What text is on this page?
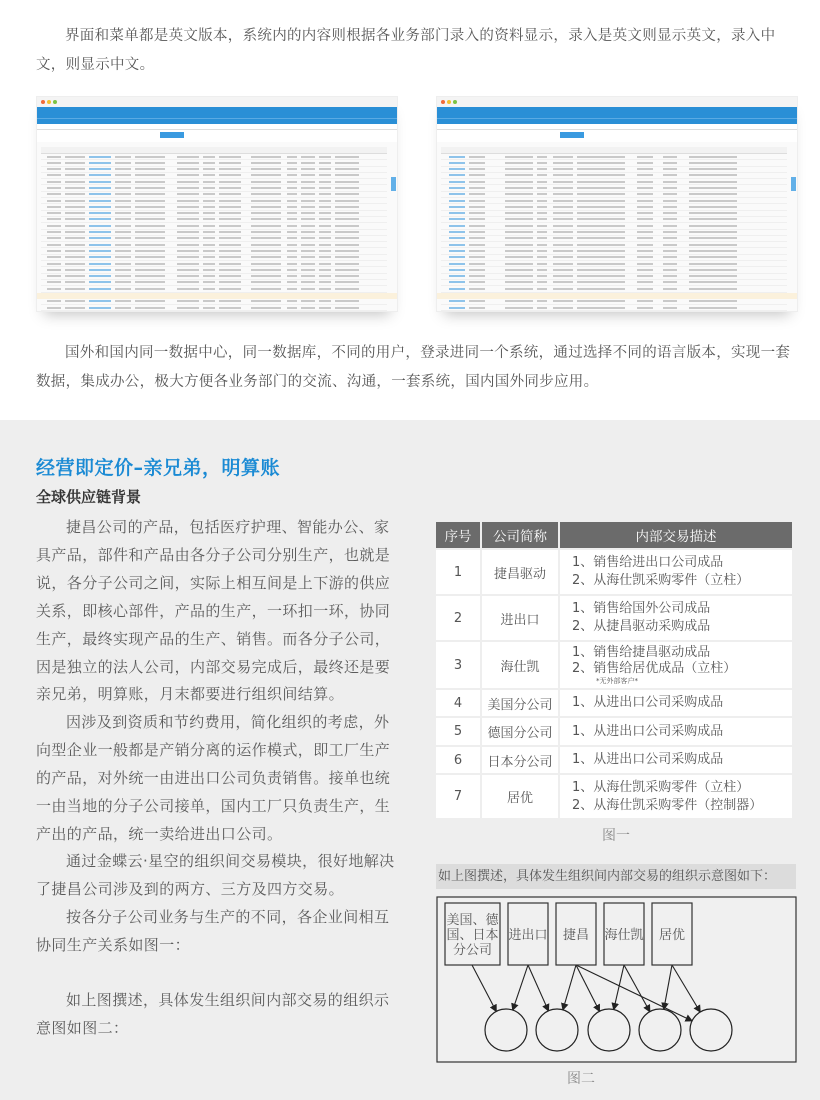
界面和菜单都是英文版本，系统内的内容则根据各业务部门录入的资料显示，录入是英文则显示英文，录入中文，则显示中文。

国外和国内同一数据中心，同一数据库，不同的用户，登录进同一个系统，通过选择不同的语言版本，实现一套数据，集成办公，极大方便各业务部门的交流、沟通，一套系统，国内国外同步应用。

经营即定价–亲兄弟，明算账
全球供应链背景

捷昌公司的产品，包括医疗护理、智能办公、家具产品，部件和产品由各分子公司分别生产，也就是说，各分子公司之间，实际上相互间是上下游的供应关系，即核心部件，产品的生产，一环扣一环，协同生产，最终实现产品的生产、销售。而各分子公司，因是独立的法人公司，内部交易完成后，最终还是要亲兄弟，明算账，月末都要进行组织间结算。

因涉及到资质和节约费用，简化组织的考虑，外向型企业一般都是产销分离的运作模式，即工厂生产的产品，对外统一由进出口公司负责销售。接单也统一由当地的分子公司接单，国内工厂只负责生产，生产出的产品，统一卖给进出口公司。

通过金蝶云·星空的组织间交易模块，很好地解决了捷昌公司涉及到的两方、三方及四方交易。

按各分子公司业务与生产的不同，各企业间相互协同生产关系如图一：

如上图撰述，具体发生组织间内部交易的组织示意图如图二：

序号	公司简称	内部交易描述
1	捷昌驱动	1、销售给进出口公司成品
2、从海仕凯采购零件（立柱）

2	进出口	1、销售给国外公司成品
2、从捷昌驱动采购成品

3	海仕凯	1、销售给捷昌驱动成品
2、销售给居优成品（立柱）
*无外部客户*

4	美国分公司	1、从进出口公司采购成品

5	德国分公司	1、从进出口公司采购成品

6	日本分公司	1、从进出口公司采购成品

7	居优	1、从海仕凯采购零件（立柱）
2、从海仕凯采购零件（控制器）
图一
如上图撰述，具体发生组织间内部交易的组织示意图如下：
美国、德
国、日本
分公司
进出口 捷昌 海仕凯 居优
图二
